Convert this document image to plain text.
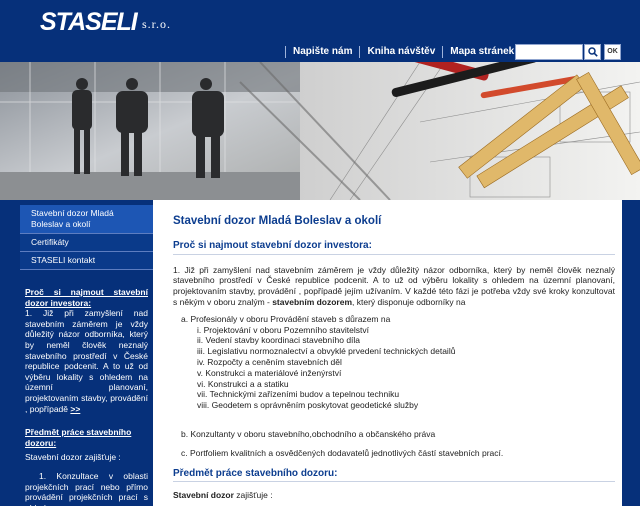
STASELI s.r.o.
Napište nám	Kniha návštěv	Mapa stránek	OK
Stavební dozor Mladá Boleslav a okolí
Certifikáty
STASELI kontakt
Proč si najmout stavební dozor investora:
1. Již při zamyšlení nad stavebním záměrem je vždy důležitý názor odborníka, který by neměl člověk neznalý stavebního prostředí v České republice podcenit. A to už od výběru lokality s ohledem na územní planovaní, projektovaním stavby, provádění , popřípadě >>
Předmět práce stavebního dozoru:
Stavební dozor zajišťuje :
1. Konzultace v oblasti projekčních prací nebo přímo provádění projekčních prací s ohledem
Stavební dozor Mladá Boleslav a okolí
Proč si najmout stavební dozor investora:
1. Již při zamyšlení nad stavebním záměrem je vždy důležitý názor odborníka, který by neměl člověk neznalý stavebního prostředí v České republice podcenit. A to už od výběru lokality s ohledem na územní planovaní, projektovaním stavby, provádění , popřípadě jejím užívaním. V každé této fázi je potřeba vždy své kroky konzultovat s někým v oboru znalým - stavebním dozorem, který disponuje odborníky na
a. Profesionály v oboru Provádění staveb s důrazem na
i. Projektování v oboru Pozemního stavitelství
ii. Vedení stavby koordinaci stavebního díla
iii. Legislativu normoznalectví a obvyklé prvedení technických detailů
iv. Rozpočty a ceněním stavebních děl
v. Konstrukci a materiálové inženýrství
vi. Konstrukci a a statiku
vii. Technickými zařízeními budov a tepelnou techniku
viii. Geodetem s oprávněním poskytovat geodetické služby
b. Konzultanty v oboru stavebního,obchodního a občanského práva
c. Portfoliem kvalitních a osvědčených dodavatelů jednotlivých částí stavebních prací.
Předmět práce stavebního dozoru:
Stavební dozor zajišťuje :
